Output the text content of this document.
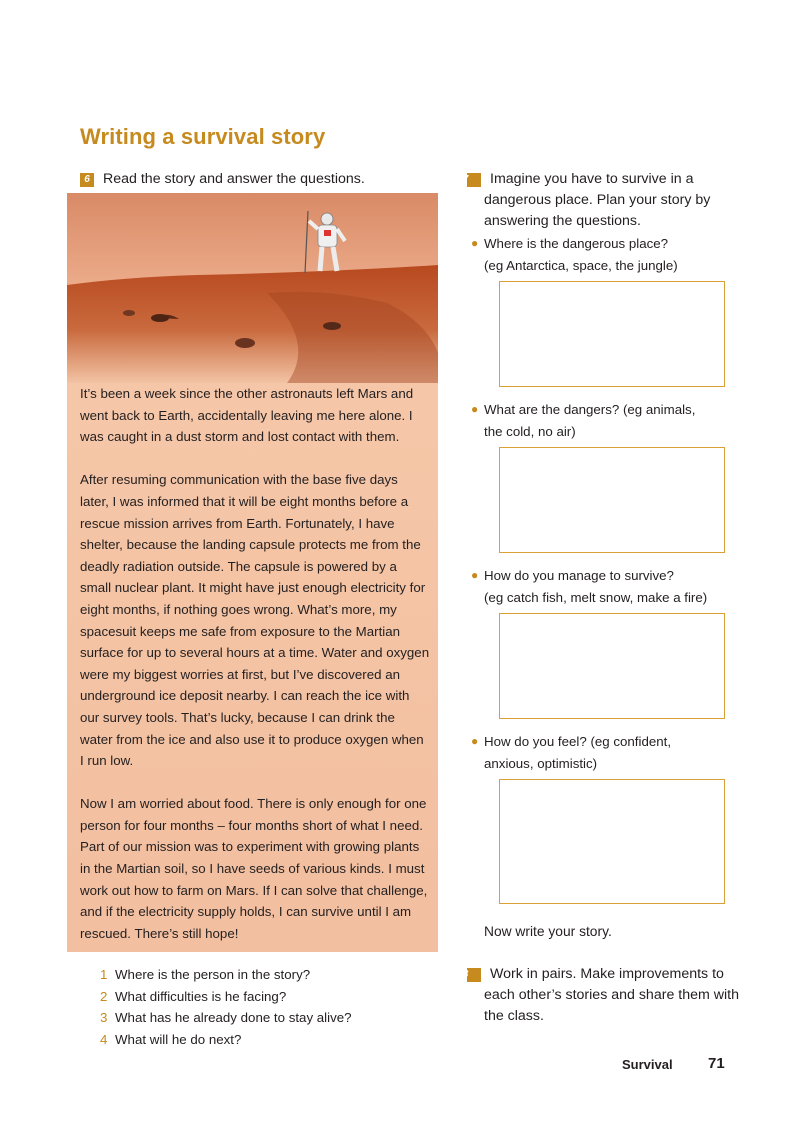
Writing a survival story
6 Read the story and answer the questions.

It’s been a week since the other astronauts left Mars and went back to Earth, accidentally leaving me here alone. I was caught in a dust storm and lost contact with them.

After resuming communication with the base five days later, I was informed that it will be eight months before a rescue mission arrives from Earth. Fortunately, I have shelter, because the landing capsule protects me from the deadly radiation outside. The capsule is powered by a small nuclear plant. It might have just enough electricity for eight months, if nothing goes wrong. What’s more, my spacesuit keeps me safe from exposure to the Martian surface for up to several hours at a time. Water and oxygen were my biggest worries at first, but I’ve discovered an underground ice deposit nearby. I can reach the ice with our survey tools. That’s lucky, because I can drink the water from the ice and also use it to produce oxygen when I run low.

Now I am worried about food. There is only enough for one person for four months – four months short of what I need. Part of our mission was to experiment with growing plants in the Martian soil, so I have seeds of various kinds. I must work out how to farm on Mars. If I can solve that challenge, and if the electricity supply holds, I can survive until I am rescued. There’s still hope!

1 Where is the person in the story?
2 What difficulties is he facing?
3 What has he already done to stay alive?
4 What will he do next?
7 Imagine you have to survive in a dangerous place. Plan your story by answering the questions.
● Where is the dangerous place?
(eg Antarctica, space, the jungle)
● What are the dangers? (eg animals,
the cold, no air)
● How do you manage to survive?
(eg catch fish, melt snow, make a fire)
● How do you feel? (eg confident,
anxious, optimistic)
Now write your story.
8 Work in pairs. Make improvements to each other’s stories and share them with the class.
Survival 71
